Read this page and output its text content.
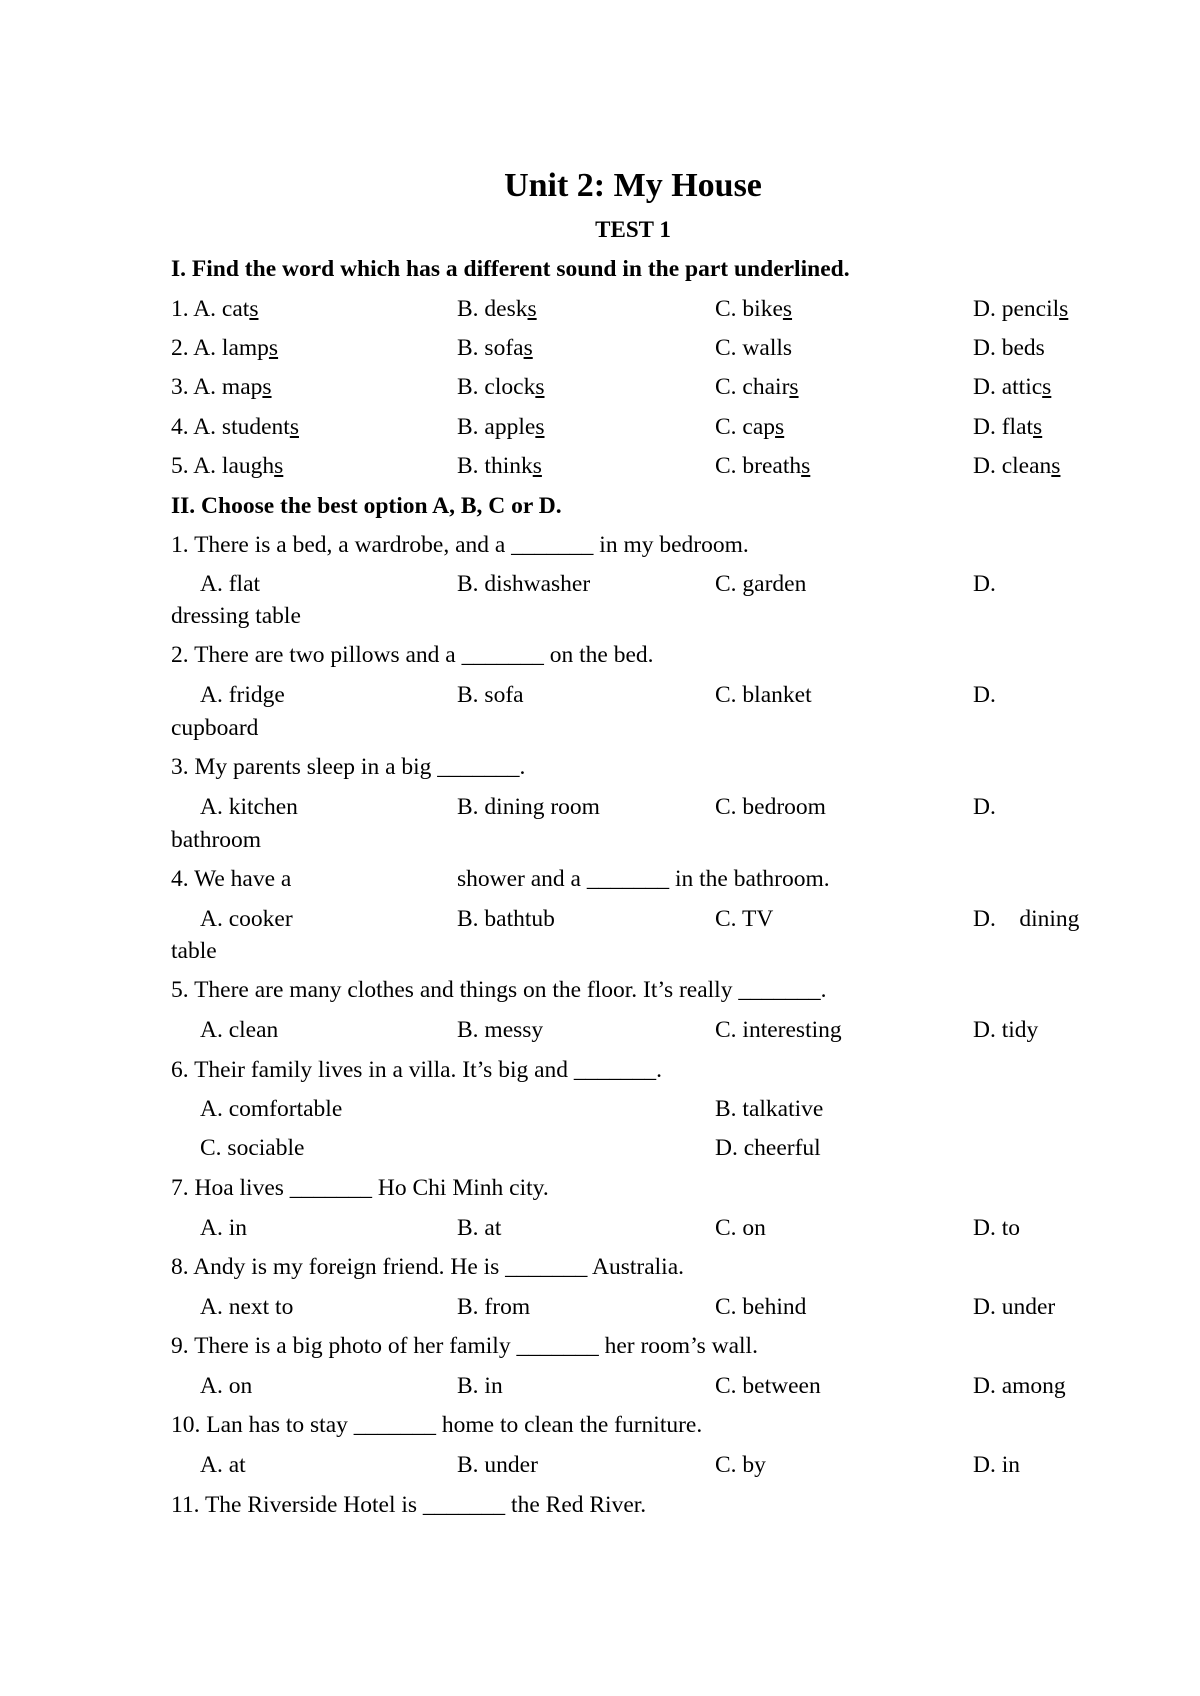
Unit 2: My House
TEST 1
I. Find the word which has a different sound in the part underlined.
1. A. cats	B. desks	C. bikes	D. pencils
2. A. lamps	B. sofas	C. walls	D. beds
3. A. maps	B. clocks	C. chairs	D. attics
4. A. students	B. apples	C. caps	D. flats
5. A. laughs	B. thinks	C. breaths	D. cleans
II. Choose the best option A, B, C or D.
1. There is a bed, a wardrobe, and a _______ in my bedroom.
A. flat	B. dishwasher	C. garden	D.
dressing table
2. There are two pillows and a _______ on the bed.
A. fridge	B. sofa	C. blanket	D.
cupboard
3. My parents sleep in a big _______.
A. kitchen	B. dining room	C. bedroom	D.
bathroom
4. We have a	shower and a _______ in the bathroom.
A. cooker	B. bathtub	C. TV	D.    dining
table
5. There are many clothes and things on the floor. It’s really _______.
A. clean	B. messy	C. interesting	D. tidy
6. Their family lives in a villa. It’s big and _______.
A. comfortable	B. talkative
C. sociable	D. cheerful
7. Hoa lives _______ Ho Chi Minh city.
A. in	B. at	C. on	D. to
8. Andy is my foreign friend. He is _______ Australia.
A. next to	B. from	C. behind	D. under
9. There is a big photo of her family _______ her room’s wall.
A. on	B. in	C. between	D. among
10. Lan has to stay _______ home to clean the furniture.
A. at	B. under	C. by	D. in
11. The Riverside Hotel is _______ the Red River.
